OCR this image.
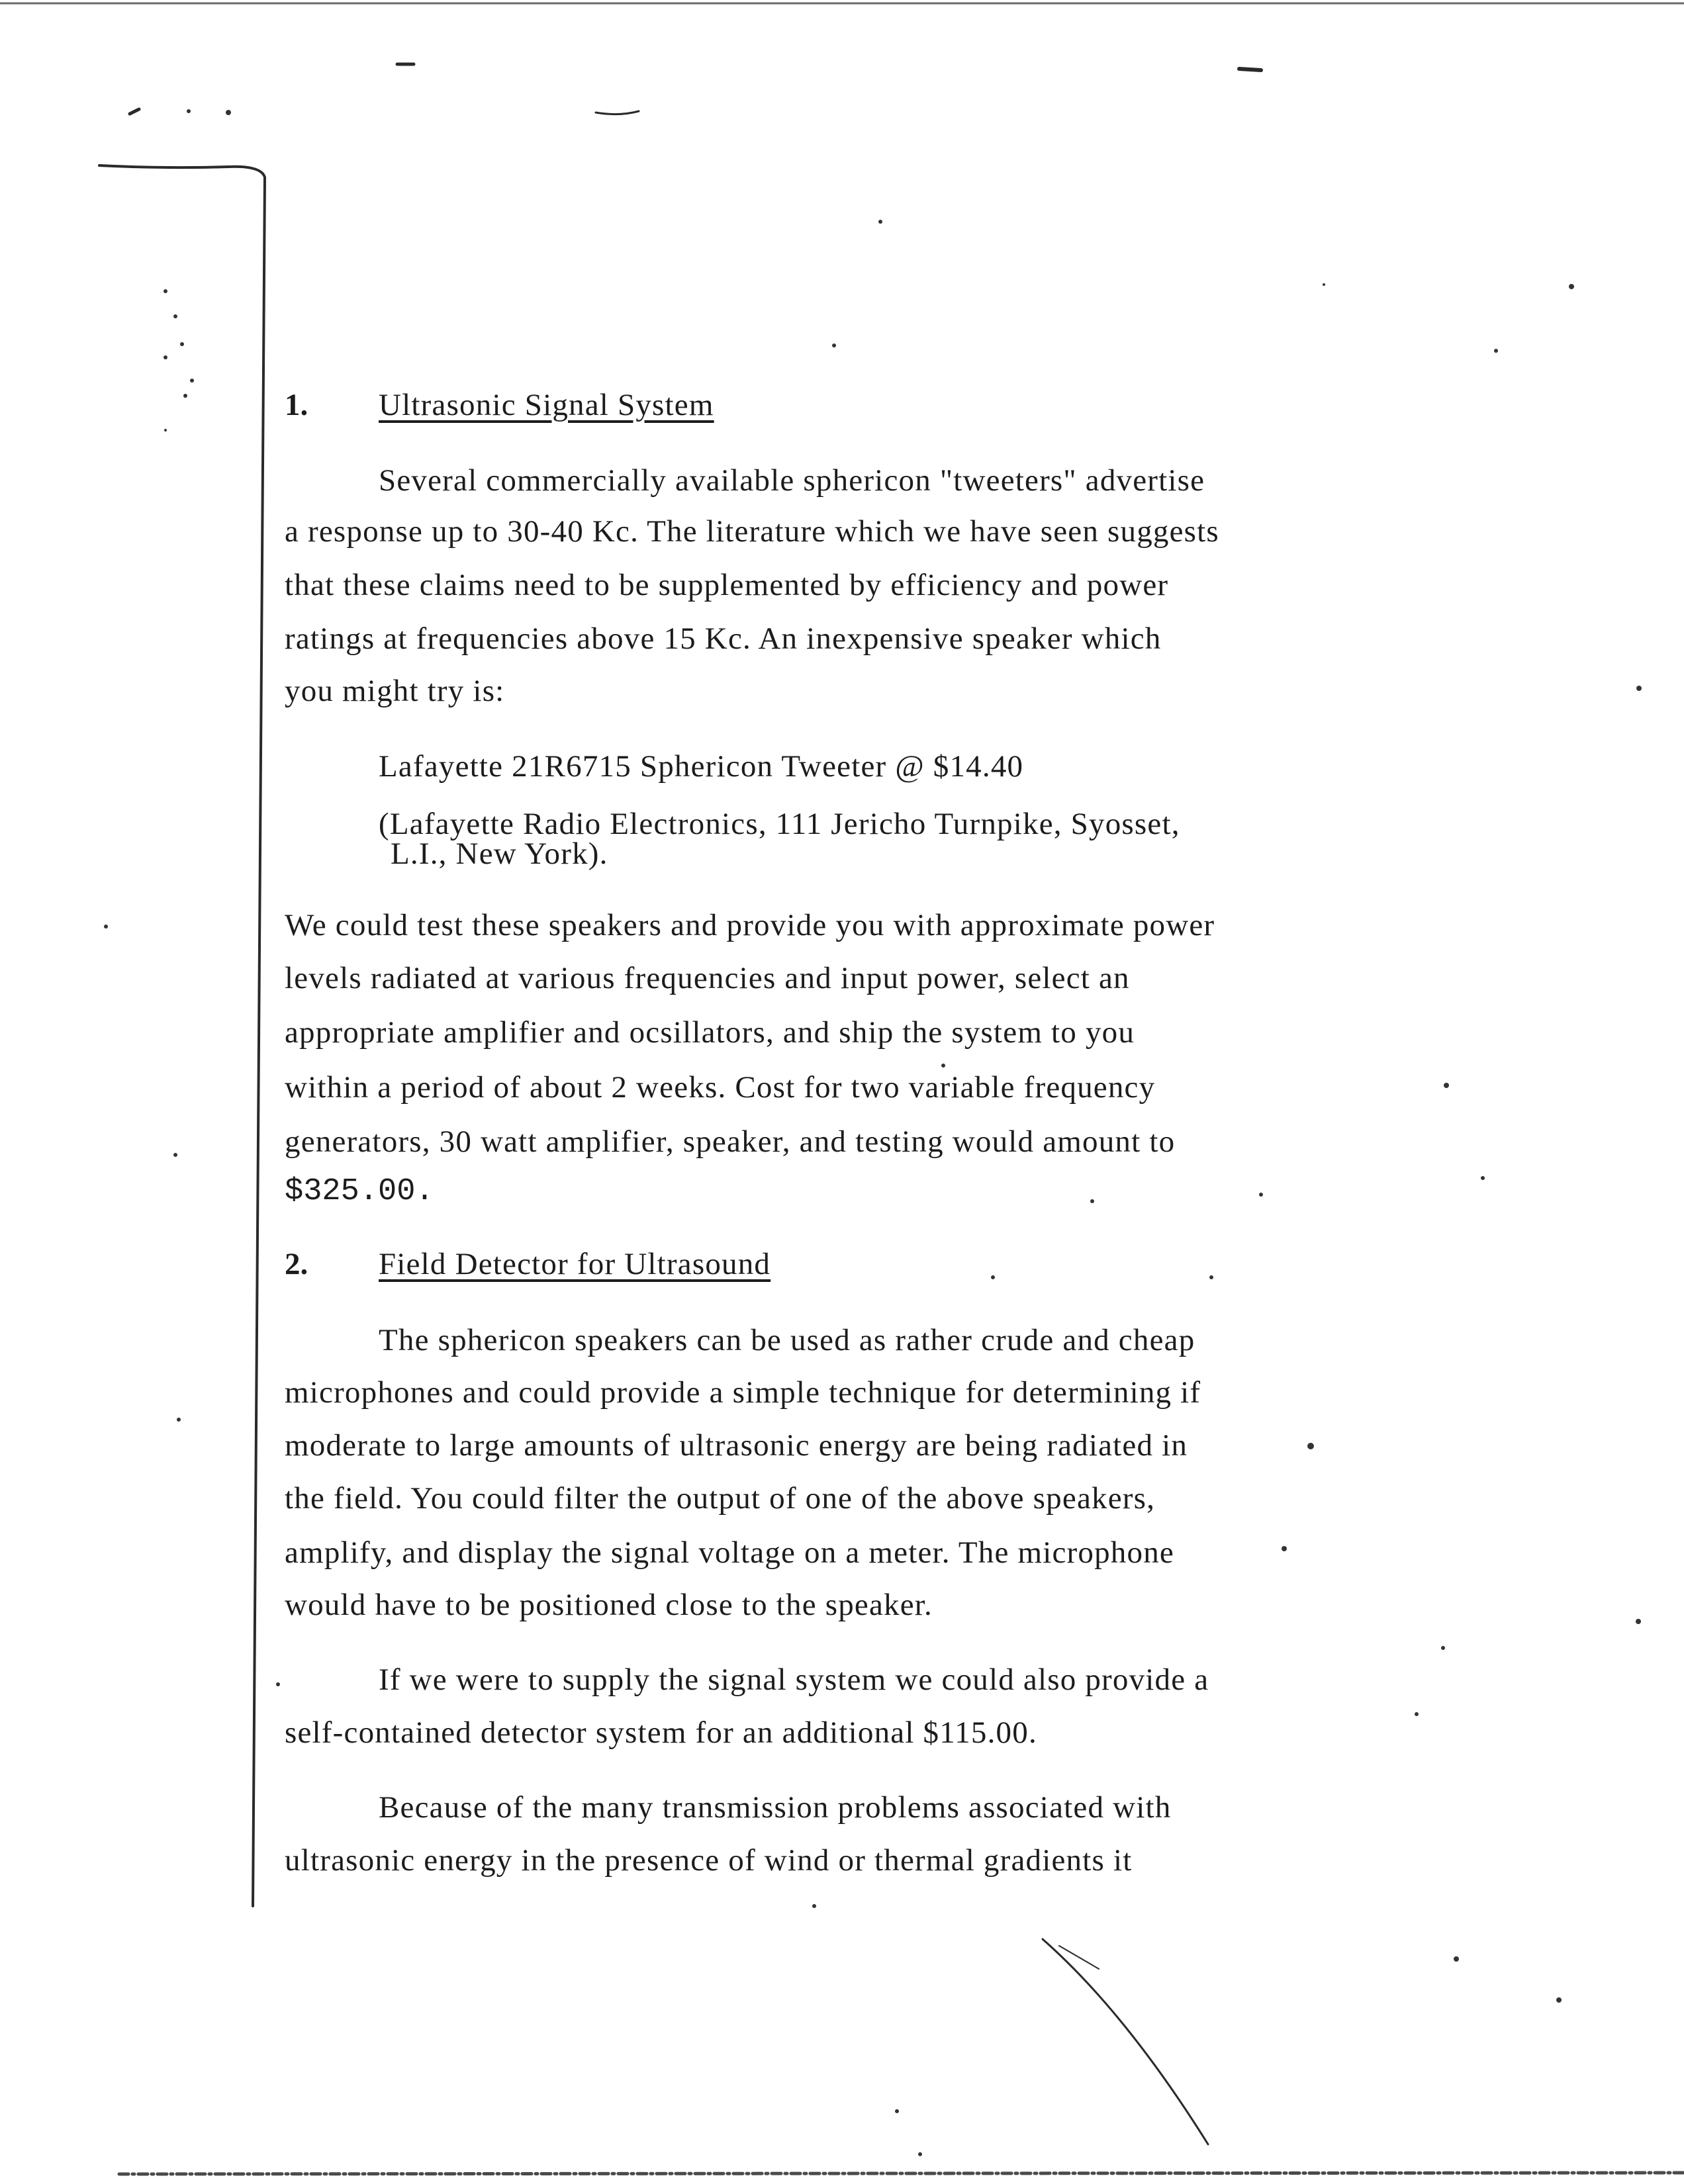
1. Ultrasonic Signal System
Several commercially available sphericon "tweeters" advertise
a response up to 30-40 Kc. The literature which we have seen suggests
that these claims need to be supplemented by efficiency and power
ratings at frequencies above 15 Kc. An inexpensive speaker which
you might try is:
Lafayette 21R6715 Sphericon Tweeter @ $14.40
(Lafayette Radio Electronics, 111 Jericho Turnpike, Syosset,
L.I., New York).
We could test these speakers and provide you with approximate power
levels radiated at various frequencies and input power, select an
appropriate amplifier and ocsillators, and ship the system to you
within a period of about 2 weeks. Cost for two variable frequency
generators, 30 watt amplifier, speaker, and testing would amount to
$325.00.
2. Field Detector for Ultrasound
The sphericon speakers can be used as rather crude and cheap
microphones and could provide a simple technique for determining if
moderate to large amounts of ultrasonic energy are being radiated in
the field. You could filter the output of one of the above speakers,
amplify, and display the signal voltage on a meter. The microphone
would have to be positioned close to the speaker.
If we were to supply the signal system we could also provide a
self-contained detector system for an additional $115.00.
Because of the many transmission problems associated with
ultrasonic energy in the presence of wind or thermal gradients it
